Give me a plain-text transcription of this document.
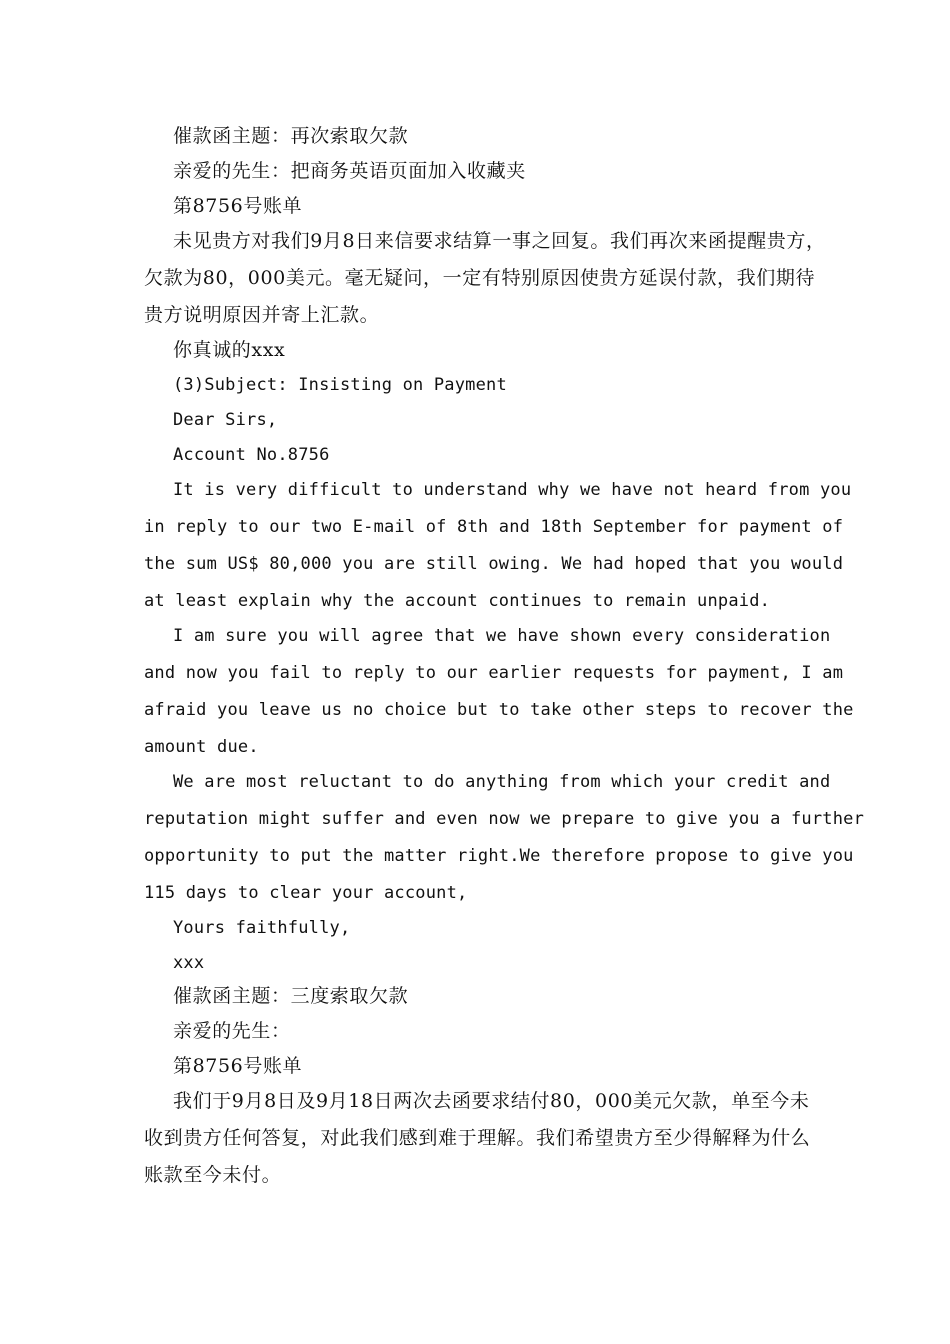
催款函主题：再次索取欠款
亲爱的先生：把商务英语页面加入收藏夹
第8756号账单
未见贵方对我们9月8日来信要求结算一事之回复。我们再次来函提醒贵方，
欠款为80，000美元。毫无疑问，一定有特别原因使贵方延误付款，我们期待
贵方说明原因并寄上汇款。
你真诚的xxx
(3)Subject: Insisting on Payment
Dear Sirs,
Account No.8756
It is very difficult to understand why we have not heard from you
in reply to our two E-mail of 8th and 18th September for payment of
the sum US$ 80,000 you are still owing. We had hoped that you would
at least explain why the account continues to remain unpaid.
I am sure you will agree that we have shown every consideration
and now you fail to reply to our earlier requests for payment, I am
afraid you leave us no choice but to take other steps to recover the
amount due.
We are most reluctant to do anything from which your credit and
reputation might suffer and even now we prepare to give you a further
opportunity to put the matter right.We therefore propose to give you
115 days to clear your account,
Yours faithfully,
xxx
催款函主题：三度索取欠款
亲爱的先生：
第8756号账单
我们于9月8日及9月18日两次去函要求结付80，000美元欠款，单至今未
收到贵方任何答复，对此我们感到难于理解。我们希望贵方至少得解释为什么
账款至今未付。
